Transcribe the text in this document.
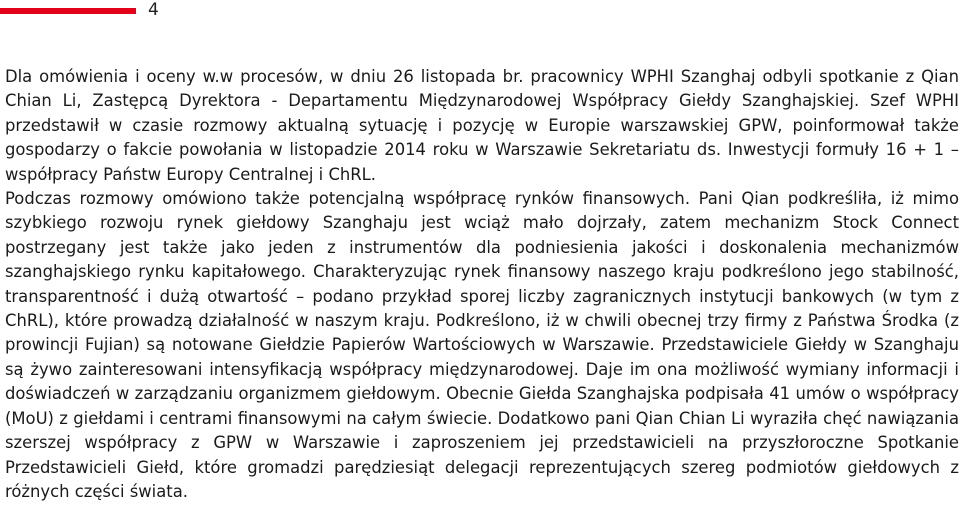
4

Dla omówienia i oceny w.w procesów, w dniu 26 listopada br. pracownicy WPHI Szanghaj odbyli spotkanie z Qian Chian Li, Zastępcą Dyrektora - Departamentu Międzynarodowej Współpracy Giełdy Szanghajskiej. Szef WPHI przedstawił w czasie rozmowy aktualną sytuację i pozycję w Europie warszawskiej GPW, poinformował także gospodarzy o fakcie powołania w listopadzie 2014 roku w Warszawie Sekretariatu ds. Inwestycji formuły 16 + 1 – współpracy Państw Europy Centralnej i ChRL.

Podczas rozmowy omówiono także potencjalną współpracę rynków finansowych. Pani Qian podkreśliła, iż mimo szybkiego rozwoju rynek giełdowy Szanghaju jest wciąż mało dojrzały, zatem mechanizm Stock Connect postrzegany jest także jako jeden z instrumentów dla podniesienia jakości i doskonalenia mechanizmów szanghajskiego rynku kapitałowego. Charakteryzując rynek finansowy naszego kraju podkreślono jego stabilność, transparentność i dużą otwartość – podano przykład sporej liczby zagranicznych instytucji bankowych (w tym z ChRL), które prowadzą działalność w naszym kraju. Podkreślono, iż w chwili obecnej trzy firmy z Państwa Środka (z prowincji Fujian) są notowane Giełdzie Papierów Wartościowych w Warszawie. Przedstawiciele Giełdy w Szanghaju są żywo zainteresowani intensyfikacją współpracy międzynarodowej. Daje im ona możliwość wymiany informacji i doświadczeń w zarządzaniu organizmem giełdowym. Obecnie Giełda Szanghajska podpisała 41 umów o współpracy (MoU) z giełdami i centrami finansowymi na całym świecie. Dodatkowo pani Qian Chian Li wyraziła chęć nawiązania szerszej współpracy z GPW w Warszawie i zaproszeniem jej przedstawicieli na przyszłoroczne Spotkanie Przedstawicieli Giełd, które gromadzi parędziesiąt delegacji reprezentujących szereg podmiotów giełdowych z różnych części świata.
